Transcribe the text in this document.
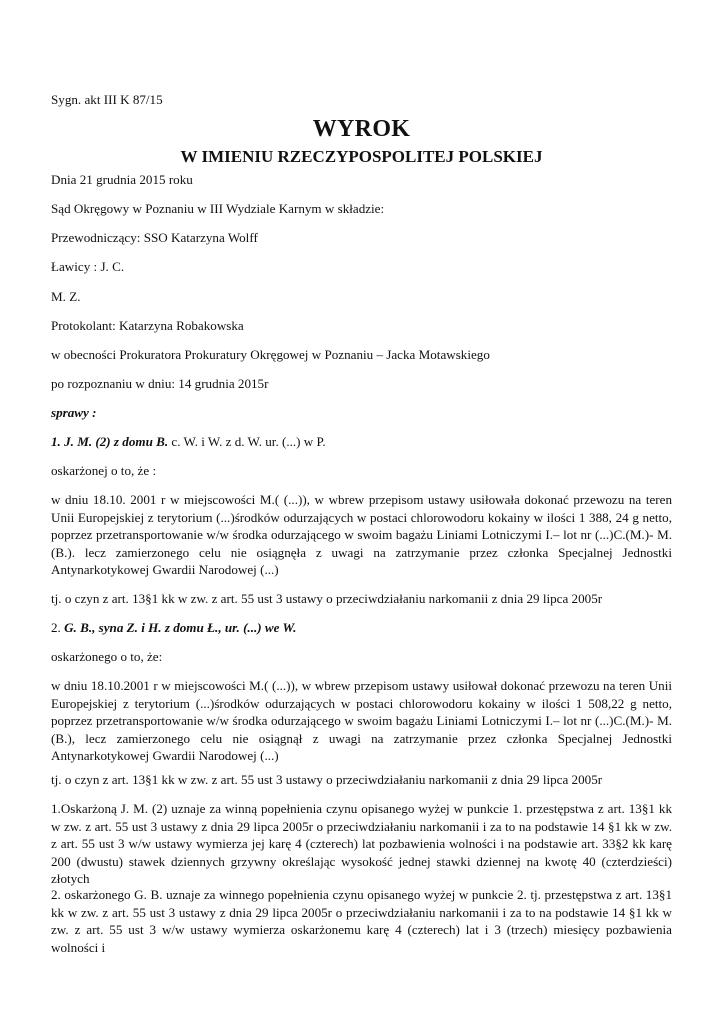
Sygn. akt III K 87/15

WYROK
W IMIENIU RZECZYPOSPOLITEJ POLSKIEJ

Dnia 21 grudnia 2015 roku

Sąd Okręgowy w Poznaniu w III Wydziale Karnym w składzie:

Przewodniczący: SSO Katarzyna Wolff

Ławicy : J. C.

M. Z.

Protokolant: Katarzyna Robakowska

w obecności Prokuratora Prokuratury Okręgowej w Poznaniu – Jacka Motawskiego

po rozpoznaniu w dniu: 14 grudnia 2015r

sprawy :

1. J. M. (2) z domu B. c. W. i W. z d. W. ur. (...) w P.

oskarżonej o to, że :

w dniu 18.10. 2001 r w miejscowości M.( (...)), w wbrew przepisom ustawy usiłowała dokonać przewozu na teren Unii Europejskiej z terytorium (...)środków odurzających w postaci chlorowodoru kokainy w ilości 1 388, 24 g netto, poprzez przetransportowanie w/w środka odurzającego w swoim bagażu Liniami Lotniczymi I.– lot nr (...)C.(M.)- M.(B.). lecz zamierzonego celu nie osiągnęła z uwagi na zatrzymanie przez członka Specjalnej Jednostki Antynarkotykowej Gwardii Narodowej (...)

tj. o czyn z art. 13§1 kk w zw. z art. 55 ust 3 ustawy o przeciwdziałaniu narkomanii z dnia 29 lipca 2005r

2. G. B., syna Z. i H. z domu Ł., ur. (...) we W.

oskarżonego o to, że:

w dniu 18.10.2001 r w miejscowości M.( (...)), w wbrew przepisom ustawy usiłował dokonać przewozu na teren Unii Europejskiej z terytorium (...)środków odurzających w postaci chlorowodoru kokainy w ilości 1 508,22 g netto, poprzez przetransportowanie w/w środka odurzającego w swoim bagażu Liniami Lotniczymi I.– lot nr (...)C.(M.)- M.(B.), lecz zamierzonego celu nie osiągnął z uwagi na zatrzymanie przez członka Specjalnej Jednostki Antynarkotykowej Gwardii Narodowej (...)

tj. o czyn z art. 13§1 kk w zw. z art. 55 ust 3 ustawy o przeciwdziałaniu narkomanii z dnia 29 lipca 2005r

1.Oskarżoną J. M. (2) uznaje za winną popełnienia czynu opisanego wyżej w punkcie 1. przestępstwa z art. 13§1 kk w zw. z art. 55 ust 3 ustawy z dnia 29 lipca 2005r o przeciwdziałaniu narkomanii i za to na podstawie 14 §1 kk w zw. z art. 55 ust 3 w/w ustawy wymierza jej karę 4 (czterech) lat pozbawienia wolności i na podstawie art. 33§2 kk karę 200 (dwustu) stawek dziennych grzywny określając wysokość jednej stawki dziennej na kwotę 40 (czterdzieści) złotych

2. oskarżonego G. B. uznaje za winnego popełnienia czynu opisanego wyżej w punkcie 2. tj. przestępstwa z art. 13§1 kk w zw. z art. 55 ust 3 ustawy z dnia 29 lipca 2005r o przeciwdziałaniu narkomanii i za to na podstawie 14 §1 kk w zw. z art. 55 ust 3 w/w ustawy wymierza oskarżonemu karę 4 (czterech) lat i 3 (trzech) miesięcy pozbawienia wolności i
